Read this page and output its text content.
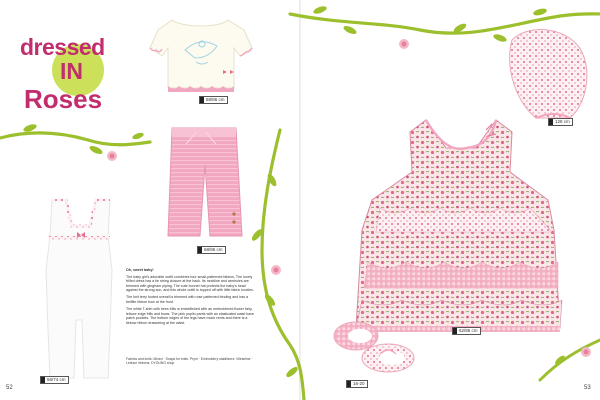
dressed
IN
Roses	68/86 cm
68/86 cm
56/74 cm
128 cm
62/86 cm
16-20

Oh, sweet baby!

The baby girl's adorable outfit combines four small-patterned fabrics. The lovely frilled dress has a tie string closure at the back. Its neckline and armholes are trimmed with gingham piping. The cute bonnet hat protects the baby's head against the strong sun, and this whole outfit is topped off with little fabric booties.

The knit terry footed overall is trimmed with rose patterned binding and has a bellflie ribbon bow at the front.

The white T-shirt with bees frills is embellished with an embroidered flower fairy, lettuce edge frills and bows. The pink poplin pants with an elasticated waist have patch pockets. The bottom edges of the legs have mock vents and there is a tiebow ribbon drawstring at the waist.

Fabrics and knits: Mixed · Snaps for knits: Prym · Embroidery stabilizers: Vlieseline · Lettuce ribbons: DYOUNG shop
52	53
